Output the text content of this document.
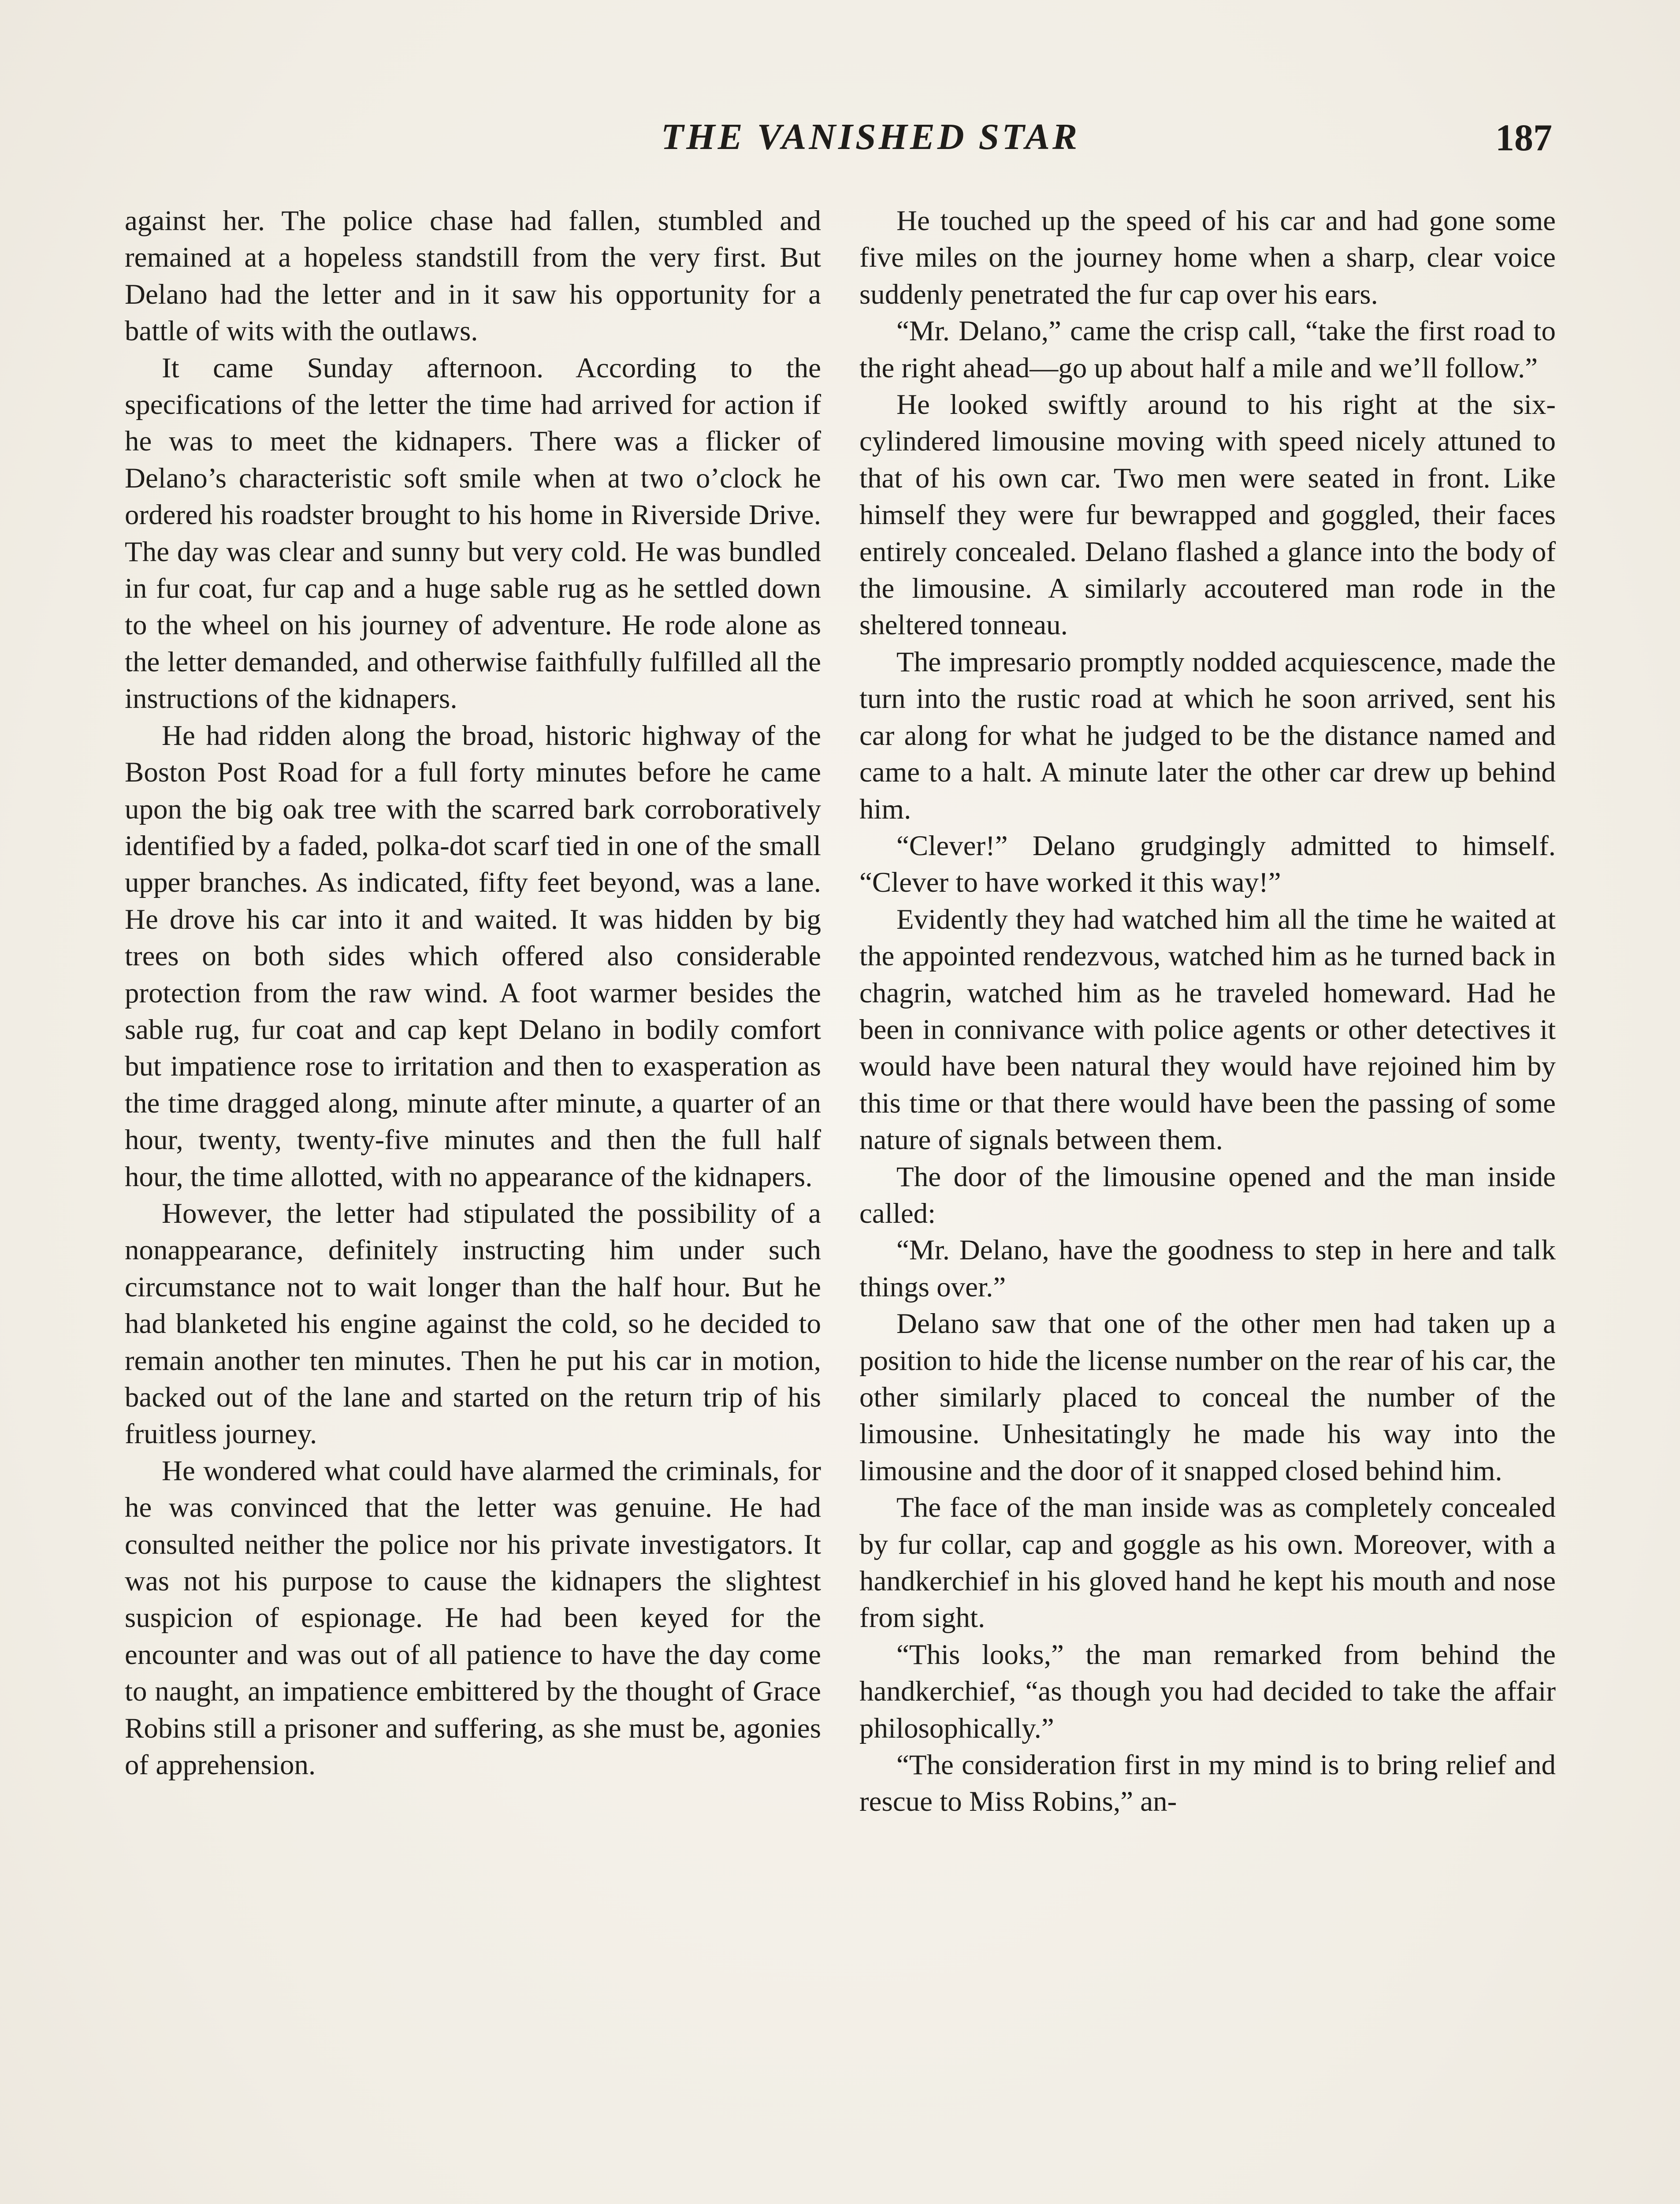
THE VANISHED STAR	187

against her. The police chase had fallen, stumbled and remained at a hopeless standstill from the very first. But Delano had the letter and in it saw his opportunity for a battle of wits with the outlaws.

It came Sunday afternoon. According to the specifications of the letter the time had arrived for action if he was to meet the kidnapers. There was a flicker of Delano’s characteristic soft smile when at two o’clock he ordered his roadster brought to his home in Riverside Drive. The day was clear and sunny but very cold. He was bundled in fur coat, fur cap and a huge sable rug as he settled down to the wheel on his journey of adventure. He rode alone as the letter demanded, and otherwise faithfully fulfilled all the instructions of the kidnapers.

He had ridden along the broad, historic highway of the Boston Post Road for a full forty minutes before he came upon the big oak tree with the scarred bark corroboratively identified by a faded, polka-dot scarf tied in one of the small upper branches. As indicated, fifty feet beyond, was a lane. He drove his car into it and waited. It was hidden by big trees on both sides which offered also considerable protection from the raw wind. A foot warmer besides the sable rug, fur coat and cap kept Delano in bodily comfort but impatience rose to irritation and then to exasperation as the time dragged along, minute after minute, a quarter of an hour, twenty, twenty-five minutes and then the full half hour, the time allotted, with no appearance of the kidnapers.

However, the letter had stipulated the possibility of a nonappearance, definitely instructing him under such circumstance not to wait longer than the half hour. But he had blanketed his engine against the cold, so he decided to remain another ten minutes. Then he put his car in motion, backed out of the lane and started on the return trip of his fruitless journey.

He wondered what could have alarmed the criminals, for he was convinced that the letter was genuine. He had consulted neither the police nor his private investigators. It was not his purpose to cause the kidnapers the slightest suspicion of espionage. He had been keyed for the encounter and was out of all patience to have the day come to naught, an impatience embittered by the thought of Grace Robins still a prisoner and suffering, as she must be, agonies of apprehension.

He touched up the speed of his car and had gone some five miles on the journey home when a sharp, clear voice suddenly penetrated the fur cap over his ears.

“Mr. Delano,” came the crisp call, “take the first road to the right ahead—go up about half a mile and we’ll follow.”

He looked swiftly around to his right at the six-cylindered limousine moving with speed nicely attuned to that of his own car. Two men were seated in front. Like himself they were fur bewrapped and goggled, their faces entirely concealed. Delano flashed a glance into the body of the limousine. A similarly accoutered man rode in the sheltered tonneau.

The impresario promptly nodded acquiescence, made the turn into the rustic road at which he soon arrived, sent his car along for what he judged to be the distance named and came to a halt. A minute later the other car drew up behind him.

“Clever!” Delano grudgingly admitted to himself. “Clever to have worked it this way!”

Evidently they had watched him all the time he waited at the appointed rendezvous, watched him as he turned back in chagrin, watched him as he traveled homeward. Had he been in connivance with police agents or other detectives it would have been natural they would have rejoined him by this time or that there would have been the passing of some nature of signals between them.

The door of the limousine opened and the man inside called:

“Mr. Delano, have the goodness to step in here and talk things over.”

Delano saw that one of the other men had taken up a position to hide the license number on the rear of his car, the other similarly placed to conceal the number of the limousine. Unhesitatingly he made his way into the limousine and the door of it snapped closed behind him.

The face of the man inside was as completely concealed by fur collar, cap and goggle as his own. Moreover, with a handkerchief in his gloved hand he kept his mouth and nose from sight.

“This looks,” the man remarked from behind the handkerchief, “as though you had decided to take the affair philosophically.”

“The consideration first in my mind is to bring relief and rescue to Miss Robins,” an-
